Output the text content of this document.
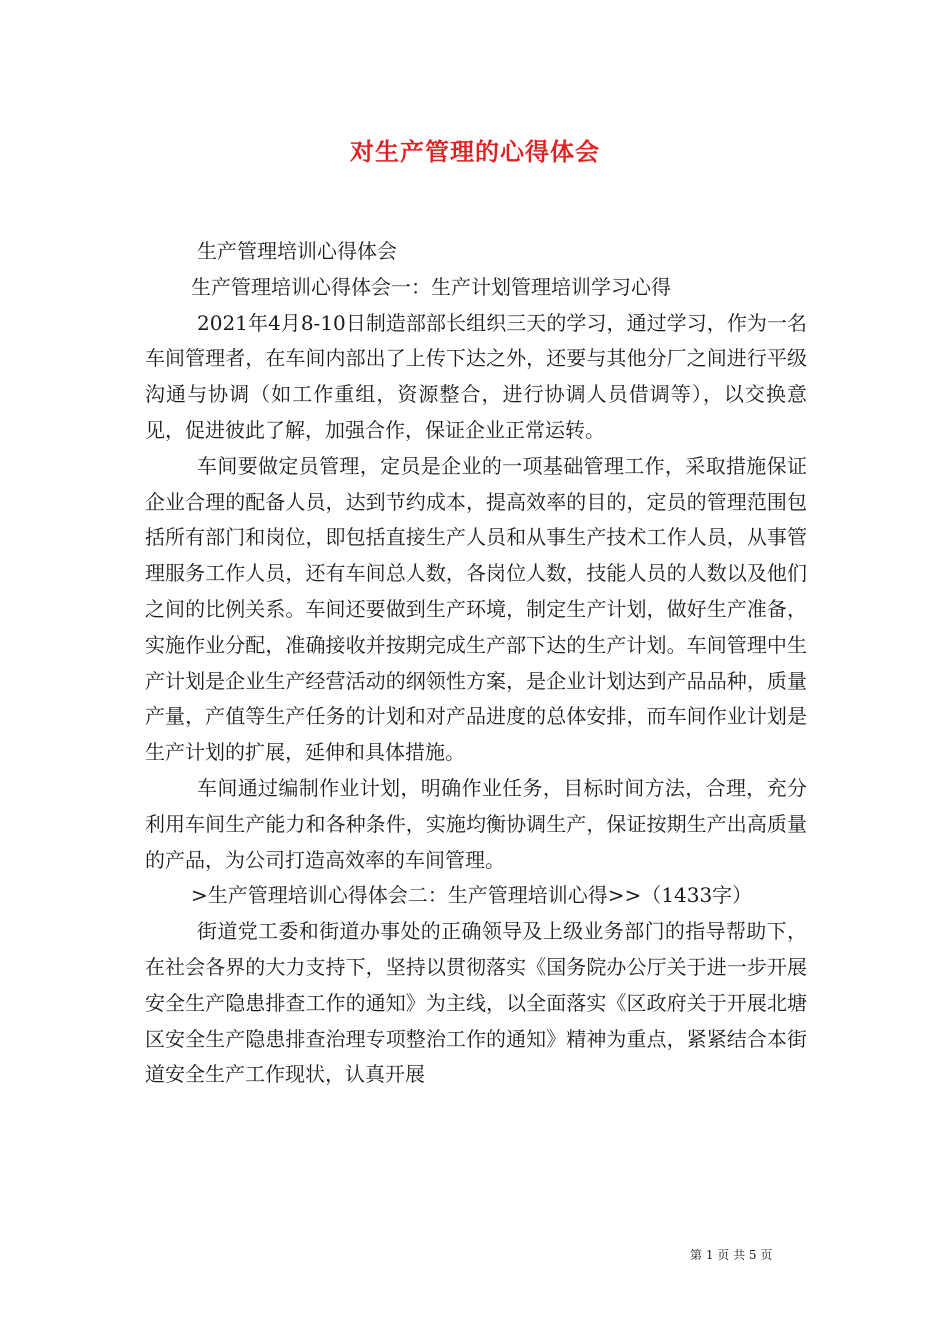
对生产管理的心得体会

生产管理培训心得体会

生产管理培训心得体会一：生产计划管理培训学习心得

2021年4月8-10日制造部部长组织三天的学习，通过学习，作为一名车间管理者，在车间内部出了上传下达之外，还要与其他分厂之间进行平级沟通与协调（如工作重组，资源整合，进行协调人员借调等），以交换意见，促进彼此了解，加强合作，保证企业正常运转。

车间要做定员管理，定员是企业的一项基础管理工作，采取措施保证企业合理的配备人员，达到节约成本，提高效率的目的，定员的管理范围包括所有部门和岗位，即包括直接生产人员和从事生产技术工作人员，从事管理服务工作人员，还有车间总人数，各岗位人数，技能人员的人数以及他们之间的比例关系。车间还要做到生产环境，制定生产计划，做好生产准备，实施作业分配，准确接收并按期完成生产部下达的生产计划。车间管理中生产计划是企业生产经营活动的纲领性方案，是企业计划达到产品品种，质量产量，产值等生产任务的计划和对产品进度的总体安排，而车间作业计划是生产计划的扩展，延伸和具体措施。

车间通过编制作业计划，明确作业任务，目标时间方法，合理，充分利用车间生产能力和各种条件，实施均衡协调生产，保证按期生产出高质量的产品，为公司打造高效率的车间管理。

>生产管理培训心得体会二：生产管理培训心得>>（1433字）

街道党工委和街道办事处的正确领导及上级业务部门的指导帮助下，在社会各界的大力支持下，坚持以贯彻落实《国务院办公厅关于进一步开展安全生产隐患排查工作的通知》为主线，以全面落实《区政府关于开展北塘区安全生产隐患排查治理专项整治工作的通知》精神为重点，紧紧结合本街道安全生产工作现状，认真开展

第 1 页 共 5 页
